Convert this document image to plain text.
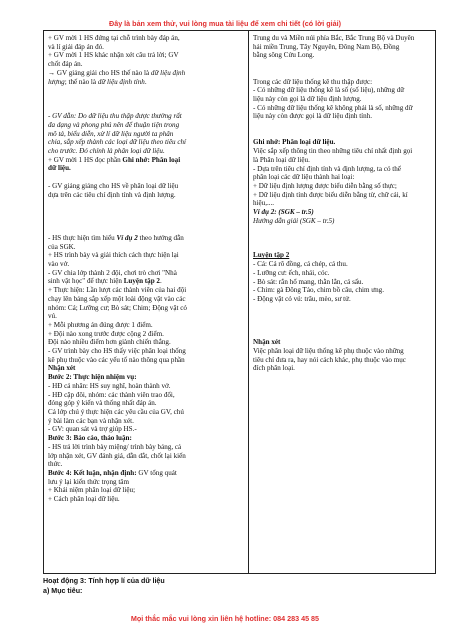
Đây là bản xem thử, vui lòng mua tài liệu để xem chi tiết (có lời giải)
+ GV mời 1 HS đứng tại chỗ trình bày đáp án,
và lí giải đáp án đó.
+ GV mời 1 HS khác nhận xét câu trả lời; GV
chốt đáp án.
→ GV giảng giải cho HS thế nào là dữ liệu định
lượng; thế nào là dữ liệu định tính.
- GV dẫn: Do dữ liệu thu thập được thường rất
đa dạng và phong phú nên để thuận tiện trong
mô tả, biểu diễn, xử lí dữ liệu người ta phân
chia, sắp xếp thành các loại dữ liệu theo tiêu chí
cho trước. Đó chính là phân loại dữ liệu.
+ GV mời 1 HS đọc phần Ghi nhớ: Phân loại
dữ liệu.
- GV giảng giảng cho HS về phân loại dữ liệu
dựa trên các tiêu chí định tính và định lượng.
- HS thực hiện tìm hiểu Ví dụ 2 theo hướng dẫn
của SGK.
+ HS trình bày và giải thích cách thực hiện lại
vào vở.
- GV chia lớp thành 2 đội, chơi trò chơi "Nhà
sinh vật học" để thực hiện Luyện tập 2.
+ Thực hiện: Lần lượt các thành viên của hai đội
chạy lên bảng sắp xếp một loài động vật vào các
nhóm: Cá; Lưỡng cư; Bò sát; Chim; Động vật có
vú.
+ Mỗi phương án đúng được 1 điểm.
+ Đội nào xong trước được cộng 2 điểm.
Đội nào nhiều điểm hơn giành chiến thắng.
- GV trình bày cho HS thấy việc phân loại thống
kê phụ thuộc vào các yếu tố nào thông qua phần
Nhận xét
Bước 2: Thực hiện nhiệm vụ:
- HĐ cá nhân: HS suy nghĩ, hoàn thành vở.
- HĐ cặp đôi, nhóm: các thành viên trao đổi,
đóng góp ý kiến và thống nhất đáp án.
Cả lớp chú ý thực hiện các yêu cầu của GV, chú
ý bài làm các bạn và nhận xét.
- GV: quan sát và trợ giúp HS.-
Bước 3: Báo cáo, thảo luận:
- HS trả lời trình bày miệng/ trình bày bảng, cả
lớp nhận xét, GV đánh giá, dẫn dắt, chốt lại kiến
thức.
Bước 4: Kết luận, nhận định: GV tổng quát
lưu ý lại kiến thức trọng tâm
+ Khái niệm phân loại dữ liệu;
+ Cách phân loại dữ liệu.

Trung du và Miền núi phía Bắc, Bắc Trung Bộ và Duyên
hải miền Trung, Tây Nguyên, Đông Nam Bộ, Đồng
bằng sông Cửu Long.
Trong các dữ liệu thống kê thu thập được:
- Có những dữ liệu thống kê là số (số liệu), những dữ
liệu này còn gọi là dữ liệu định lượng.
- Có những dữ liệu thống kê không phải là số, những dữ
liệu này còn được gọi là dữ liệu định tính.
Ghi nhớ: Phân loại dữ liệu.
Việc sắp xếp thông tin theo những tiêu chí nhất định gọi
là Phân loại dữ liệu.
- Dựa trên tiêu chí định tính và định lượng, ta có thể
phân loại các dữ liệu thành hai loại:
+ Dữ liệu định lượng được biểu diễn bằng số thực;
+ Dữ liệu định tính được biểu diễn bằng từ, chữ cái, kí
hiệu,....
Ví dụ 2: (SGK – tr.5)
Hướng dẫn giải (SGK – tr.5)
Luyện tập 2
- Cá: Cá rô đồng, cá chép, cá thu.
- Lưỡng cư: ếch, nhái, cóc.
- Bò sát: rắn hổ mang, thằn lằn, cá sấu.
- Chim: gà Đông Tảo, chim bồ câu, chim ưng.
- Động vật có vú: trâu, mèo, sư tử.
Nhận xét
Việc phân loại dữ liệu thống kê phụ thuộc vào những
tiêu chí đưa ra, hay nói cách khác, phụ thuộc vào mục
đích phân loại.
Hoạt động 3: Tính hợp lí của dữ liệu
a) Mục tiêu:
Mọi thắc mắc vui lòng xin liên hệ hotline: 084 283 45 85
